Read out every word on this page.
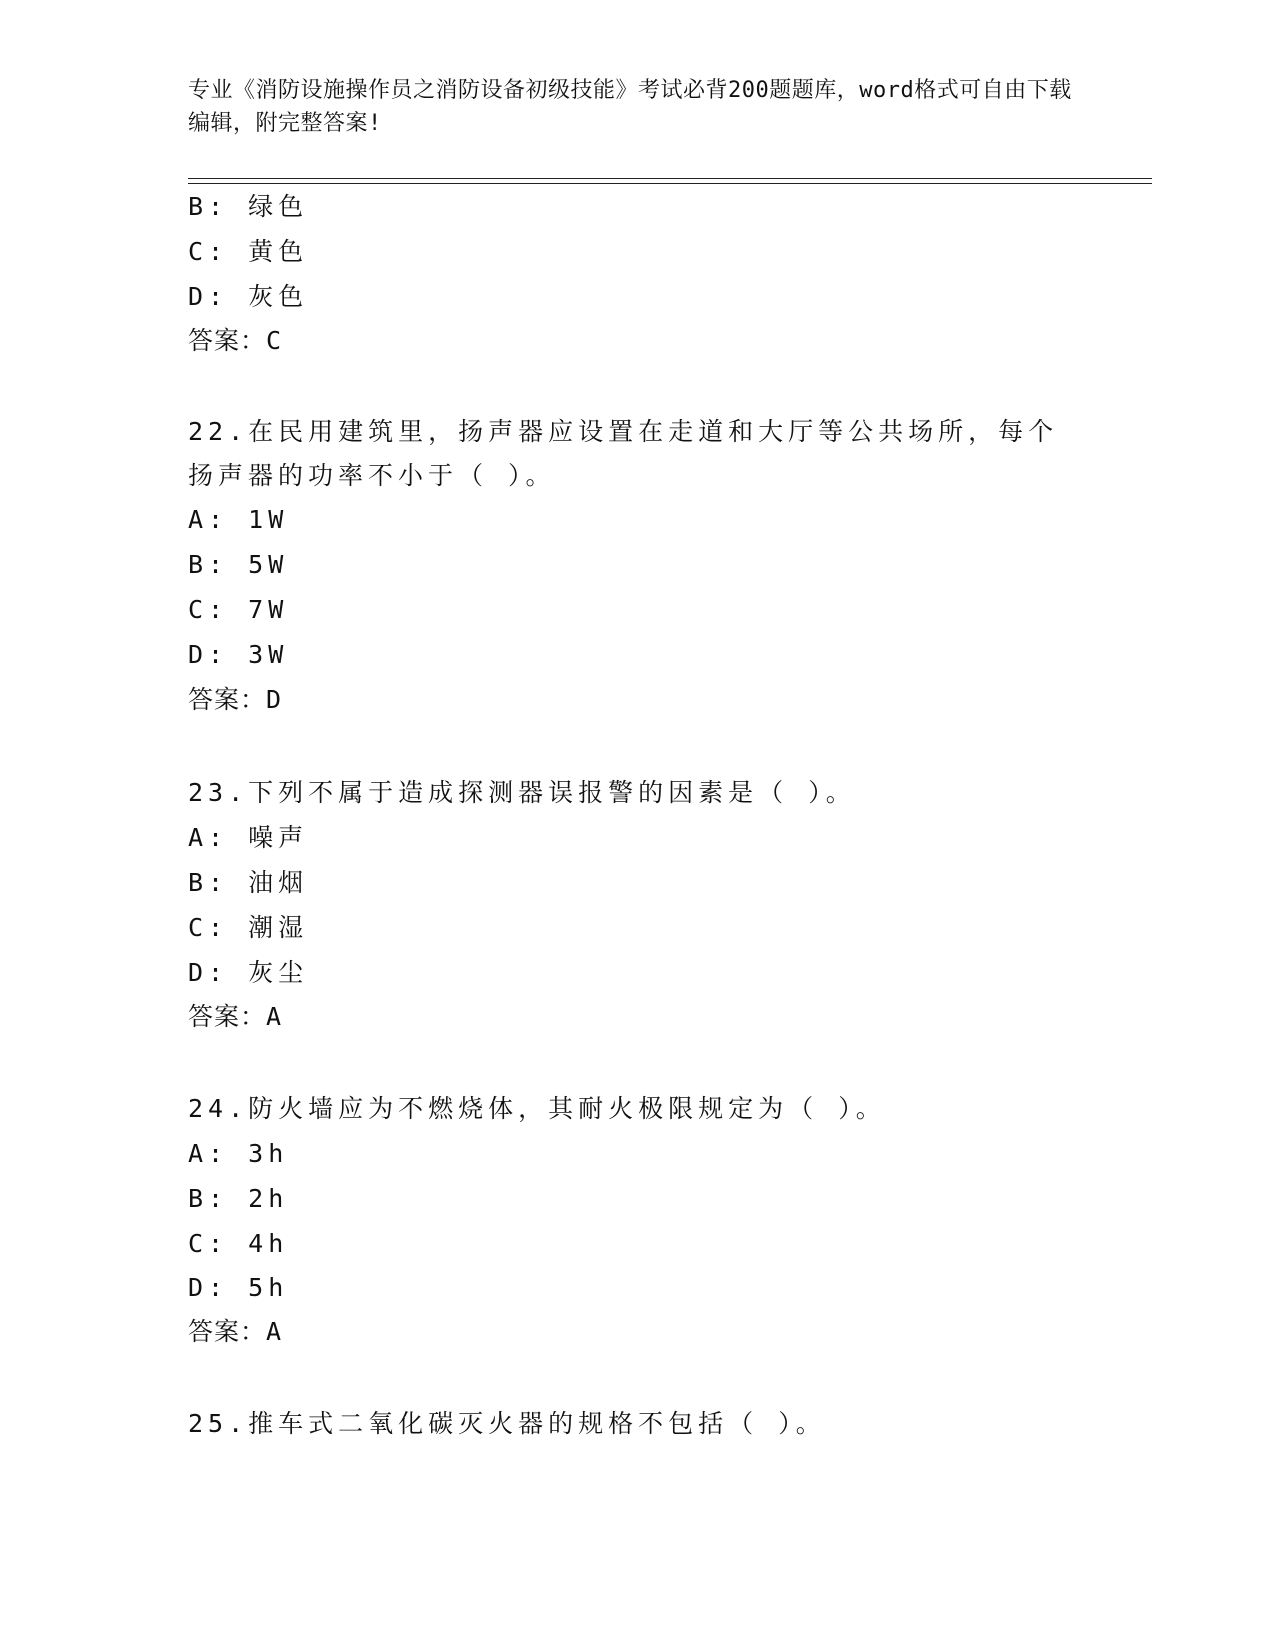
专业《消防设施操作员之消防设备初级技能》考试必背200题题库，word格式可自由下载编辑，附完整答案!
B: 绿色
C: 黄色
D: 灰色
答案：C
22.在民用建筑里，扬声器应设置在走道和大厅等公共场所，每个扬声器的功率不小于（ ）。
A: 1W
B: 5W
C: 7W
D: 3W
答案：D
23.下列不属于造成探测器误报警的因素是（ ）。
A: 噪声
B: 油烟
C: 潮湿
D: 灰尘
答案：A
24.防火墙应为不燃烧体，其耐火极限规定为（ ）。
A: 3h
B: 2h
C: 4h
D: 5h
答案：A
25.推车式二氧化碳灭火器的规格不包括（ ）。
